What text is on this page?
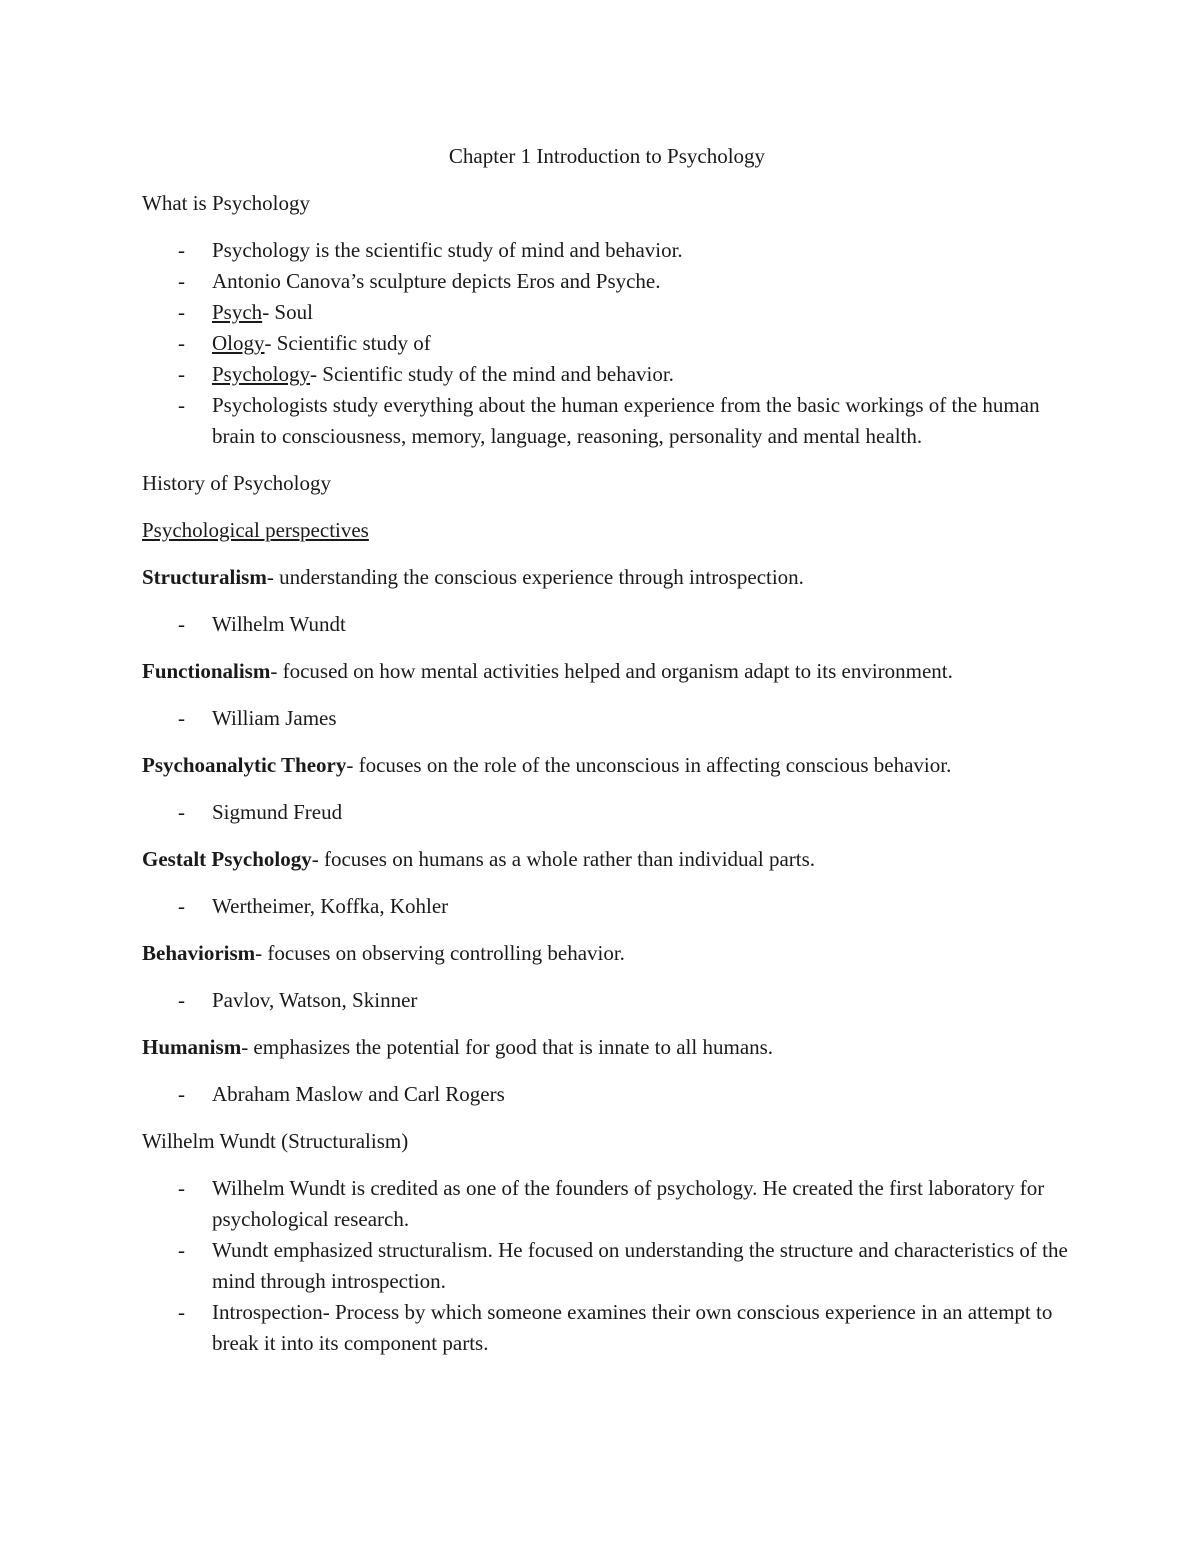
Chapter 1 Introduction to Psychology
What is Psychology
- Psychology is the scientific study of mind and behavior.
- Antonio Canova’s sculpture depicts Eros and Psyche.
- Psych- Soul
- Ology- Scientific study of
- Psychology- Scientific study of the mind and behavior.
- Psychologists study everything about the human experience from the basic workings of the human brain to consciousness, memory, language, reasoning, personality and mental health.
History of Psychology
Psychological perspectives
Structuralism- understanding the conscious experience through introspection.
- Wilhelm Wundt
Functionalism- focused on how mental activities helped and organism adapt to its environment.
- William James
Psychoanalytic Theory- focuses on the role of the unconscious in affecting conscious behavior.
- Sigmund Freud
Gestalt Psychology- focuses on humans as a whole rather than individual parts.
- Wertheimer, Koffka, Kohler
Behaviorism- focuses on observing controlling behavior.
- Pavlov, Watson, Skinner
Humanism- emphasizes the potential for good that is innate to all humans.
- Abraham Maslow and Carl Rogers
Wilhelm Wundt (Structuralism)
- Wilhelm Wundt is credited as one of the founders of psychology. He created the first laboratory for psychological research.
- Wundt emphasized structuralism. He focused on understanding the structure and characteristics of the mind through introspection.
- Introspection- Process by which someone examines their own conscious experience in an attempt to break it into its component parts.
